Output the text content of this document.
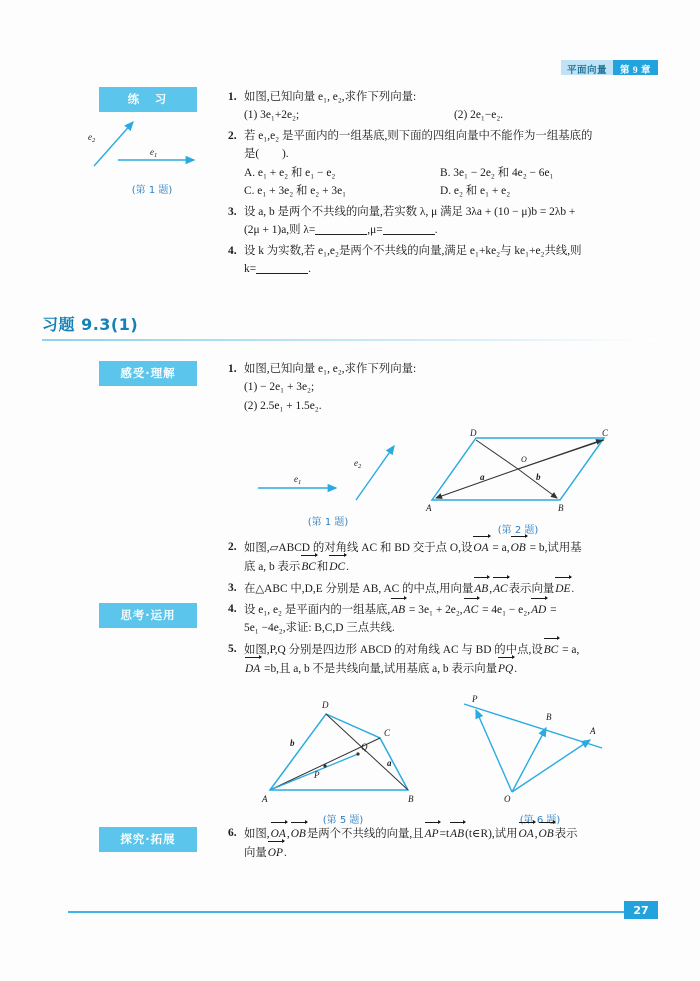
平面向量	第 9 章
练　习
$e_2$
$e_1$
(第 1 题)
1. 如图,已知向量 e₁, e₂,求作下列向量:
(1) 3e₁+2e₂;	(2) 2e₁−e₂.
2. 若 e₁,e₂ 是平面内的一组基底,则下面的四组向量中不能作为一组基底的
是(　　).
A. e₁ + e₂ 和 e₁ − e₂	B. 3e₁ − 2e₂ 和 4e₂ − 6e₁
C. e₁ + 3e₂ 和 e₂ + 3e₁	D. e₂ 和 e₁ + e₂
3. 设 a, b 是两个不共线的向量,若实数 λ, μ 满足 3λa + (10 − μ)b = 2λb +
(2μ + 1)a,则 λ=	,μ=	.
4. 设 k 为实数,若 e₁,e₂是两个不共线的向量,满足 e₁+ke₂与 ke₁+e₂共线,则
k=	.
习题 9.3(1)
感受·理解	1. 如图,已知向量 e₁, e₂,求作下列向量:
(1) − 2e₁ + 3e₂;
(2) 2.5e₁ + 1.5e₂.
$e_1$
$e_2$
(第 1 题)
D	C
A	B
O
a	b
(第 2 题)
2. 如图,▱ABCD 的对角线 AC 和 BD 交于点 O,设OA = a,OB = b,试用基
底 a, b 表示BC和DC.
3. 在△ABC 中,D,E 分别是 AB, AC 的中点,用向量AB,AC表示向量DE.
思考·运用	4. 设 e₁, e₂ 是平面内的一组基底,AB = 3e₁ + 2e₂,AC = 4e₁ − e₂,AD =
5e₁ −4e₂,求证: B,C,D 三点共线.
5. 如图,P,Q 分别是四边形 ABCD 的对角线 AC 与 BD 的中点,设BC = a,
DA =b,且 a, b 不是共线向量,试用基底 a, b 表示向量PQ.
D
C
A	B
P
Q
b
a
(第 5 题)
P
B
A
O
(第 6 题)
探究·拓展	6. 如图,OA,OB是两个不共线的向量,且AP=tAB(t∈R),试用OA,OB表示
向量OP.
27
